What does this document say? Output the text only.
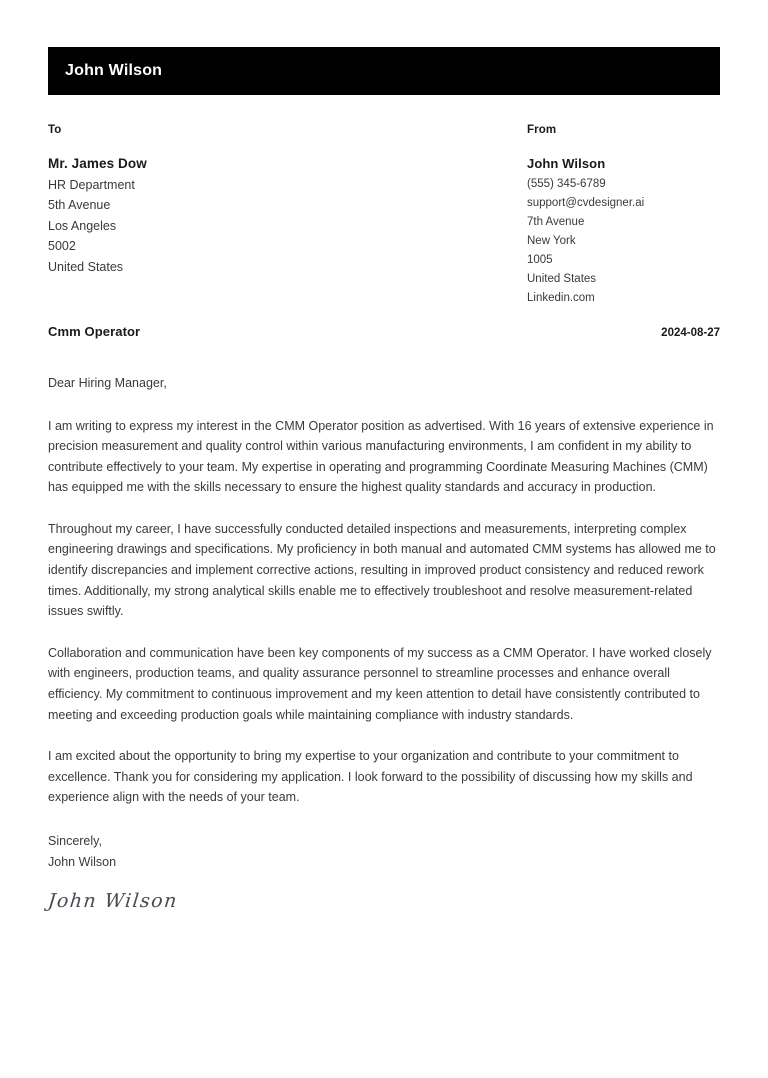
John Wilson
To
Mr. James Dow
HR Department
5th Avenue
Los Angeles
5002
United States
From
John Wilson
(555) 345-6789
support@cvdesigner.ai
7th Avenue
New York
1005
United States
Linkedin.com
Cmm Operator	2024-08-27

Dear Hiring Manager,

I am writing to express my interest in the CMM Operator position as advertised. With 16 years of extensive experience in precision measurement and quality control within various manufacturing environments, I am confident in my ability to contribute effectively to your team. My expertise in operating and programming Coordinate Measuring Machines (CMM) has equipped me with the skills necessary to ensure the highest quality standards and accuracy in production.

Throughout my career, I have successfully conducted detailed inspections and measurements, interpreting complex engineering drawings and specifications. My proficiency in both manual and automated CMM systems has allowed me to identify discrepancies and implement corrective actions, resulting in improved product consistency and reduced rework times. Additionally, my strong analytical skills enable me to effectively troubleshoot and resolve measurement-related issues swiftly.

Collaboration and communication have been key components of my success as a CMM Operator. I have worked closely with engineers, production teams, and quality assurance personnel to streamline processes and enhance overall efficiency. My commitment to continuous improvement and my keen attention to detail have consistently contributed to meeting and exceeding production goals while maintaining compliance with industry standards.

I am excited about the opportunity to bring my expertise to your organization and contribute to your commitment to excellence. Thank you for considering my application. I look forward to the possibility of discussing how my skills and experience align with the needs of your team.

Sincerely,
John Wilson
John Wilson
